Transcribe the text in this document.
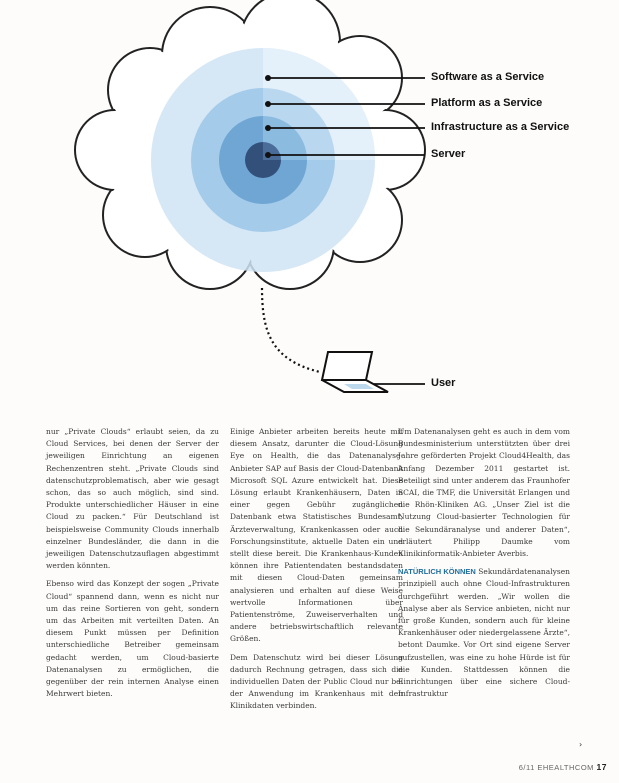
Software as a Service
Platform as a Service
Infrastructure as a Service
Server
User

nur „Private Clouds“ erlaubt seien, da zu Cloud Services, bei denen der Server der jeweiligen Einrichtung an eigenen Rechenzentren steht. „Private Clouds sind datenschutzproblematisch, aber wie gesagt schon, das so auch möglich, sind sind. Produkte unterschiedlicher Häuser in eine Cloud zu packen.“ Für Deutschland ist beispielsweise Community Clouds innerhalb einzelner Bundesländer, die dann in die jeweiligen Datenschutzauflagen abgestimmt werden könnten.

Ebenso wird das Konzept der sogen „Private Cloud“ spannend dann, wenn es nicht nur um das reine Sortieren von geht, sondern um das Arbeiten mit verteilten Daten. An diesem Punkt müssen per Definition unterschiedliche Betreiber gemeinsam gedacht werden, um Cloud-basierte Datenanalysen zu ermöglichen, die gegenüber der rein internen Analyse einen Mehrwert bieten.

Einige Anbieter arbeiten bereits heute mit diesem Ansatz, darunter die Cloud-Lösung Eye on Health, die das Datenanalyse-Anbieter SAP auf Basis der Cloud-Datenbank Microsoft SQL Azure entwickelt hat. Diese Lösung erlaubt Krankenhäusern, Daten in einer gegen Gebühr zugänglichen Datenbank etwa Statistisches Bundesamt, Ärzteverwaltung, Krankenkassen oder auch Forschungsinstitute, aktuelle Daten ein und stellt diese bereit. Die Krankenhaus-Kunden können ihre Patientendaten bestandsdaten mit diesen Cloud-Daten gemeinsam analysieren und erhalten auf diese Weise wertvolle Informationen über Patientenströme, Zuweiserverhalten und andere betriebswirtschaftlich relevante Größen.

Dem Datenschutz wird bei dieser Lösung dadurch Rechnung getragen, dass sich die individuellen Daten der Public Cloud nur bei der Anwendung im Krankenhaus mit den Klinikdaten verbinden.

Um Datenanalysen geht es auch in dem vom Bundesministerium unterstützten über drei Jahre geförderten Projekt Cloud4Health, das Anfang Dezember 2011 gestartet ist. Beteiligt sind unter anderem das Fraunhofer SCAI, die TMF, die Universität Erlangen und die Rhön-Kliniken AG. „Unser Ziel ist die Nutzung Cloud-basierter Technologien für die Sekundäranalyse und anderer Daten“, erläutert Philipp Daumke vom Klinikinformatik-Anbieter Averbis.

NATÜRLICH KÖNNEN Sekundärdatenanalysen prinzipiell auch ohne Cloud-Infrastrukturen durchgeführt werden. „Wir wollen die Analyse aber als Service anbieten, nicht nur für große Kunden, sondern auch für kleine Krankenhäuser oder niedergelassene Ärzte“, betont Daumke. Vor Ort sind eigene Server aufzustellen, was eine zu hohe Hürde ist für die Kunden. Stattdessen können die Einrichtungen über eine sichere Cloud-Infrastruktur

›
6/11 EHEALTHCOM 17
